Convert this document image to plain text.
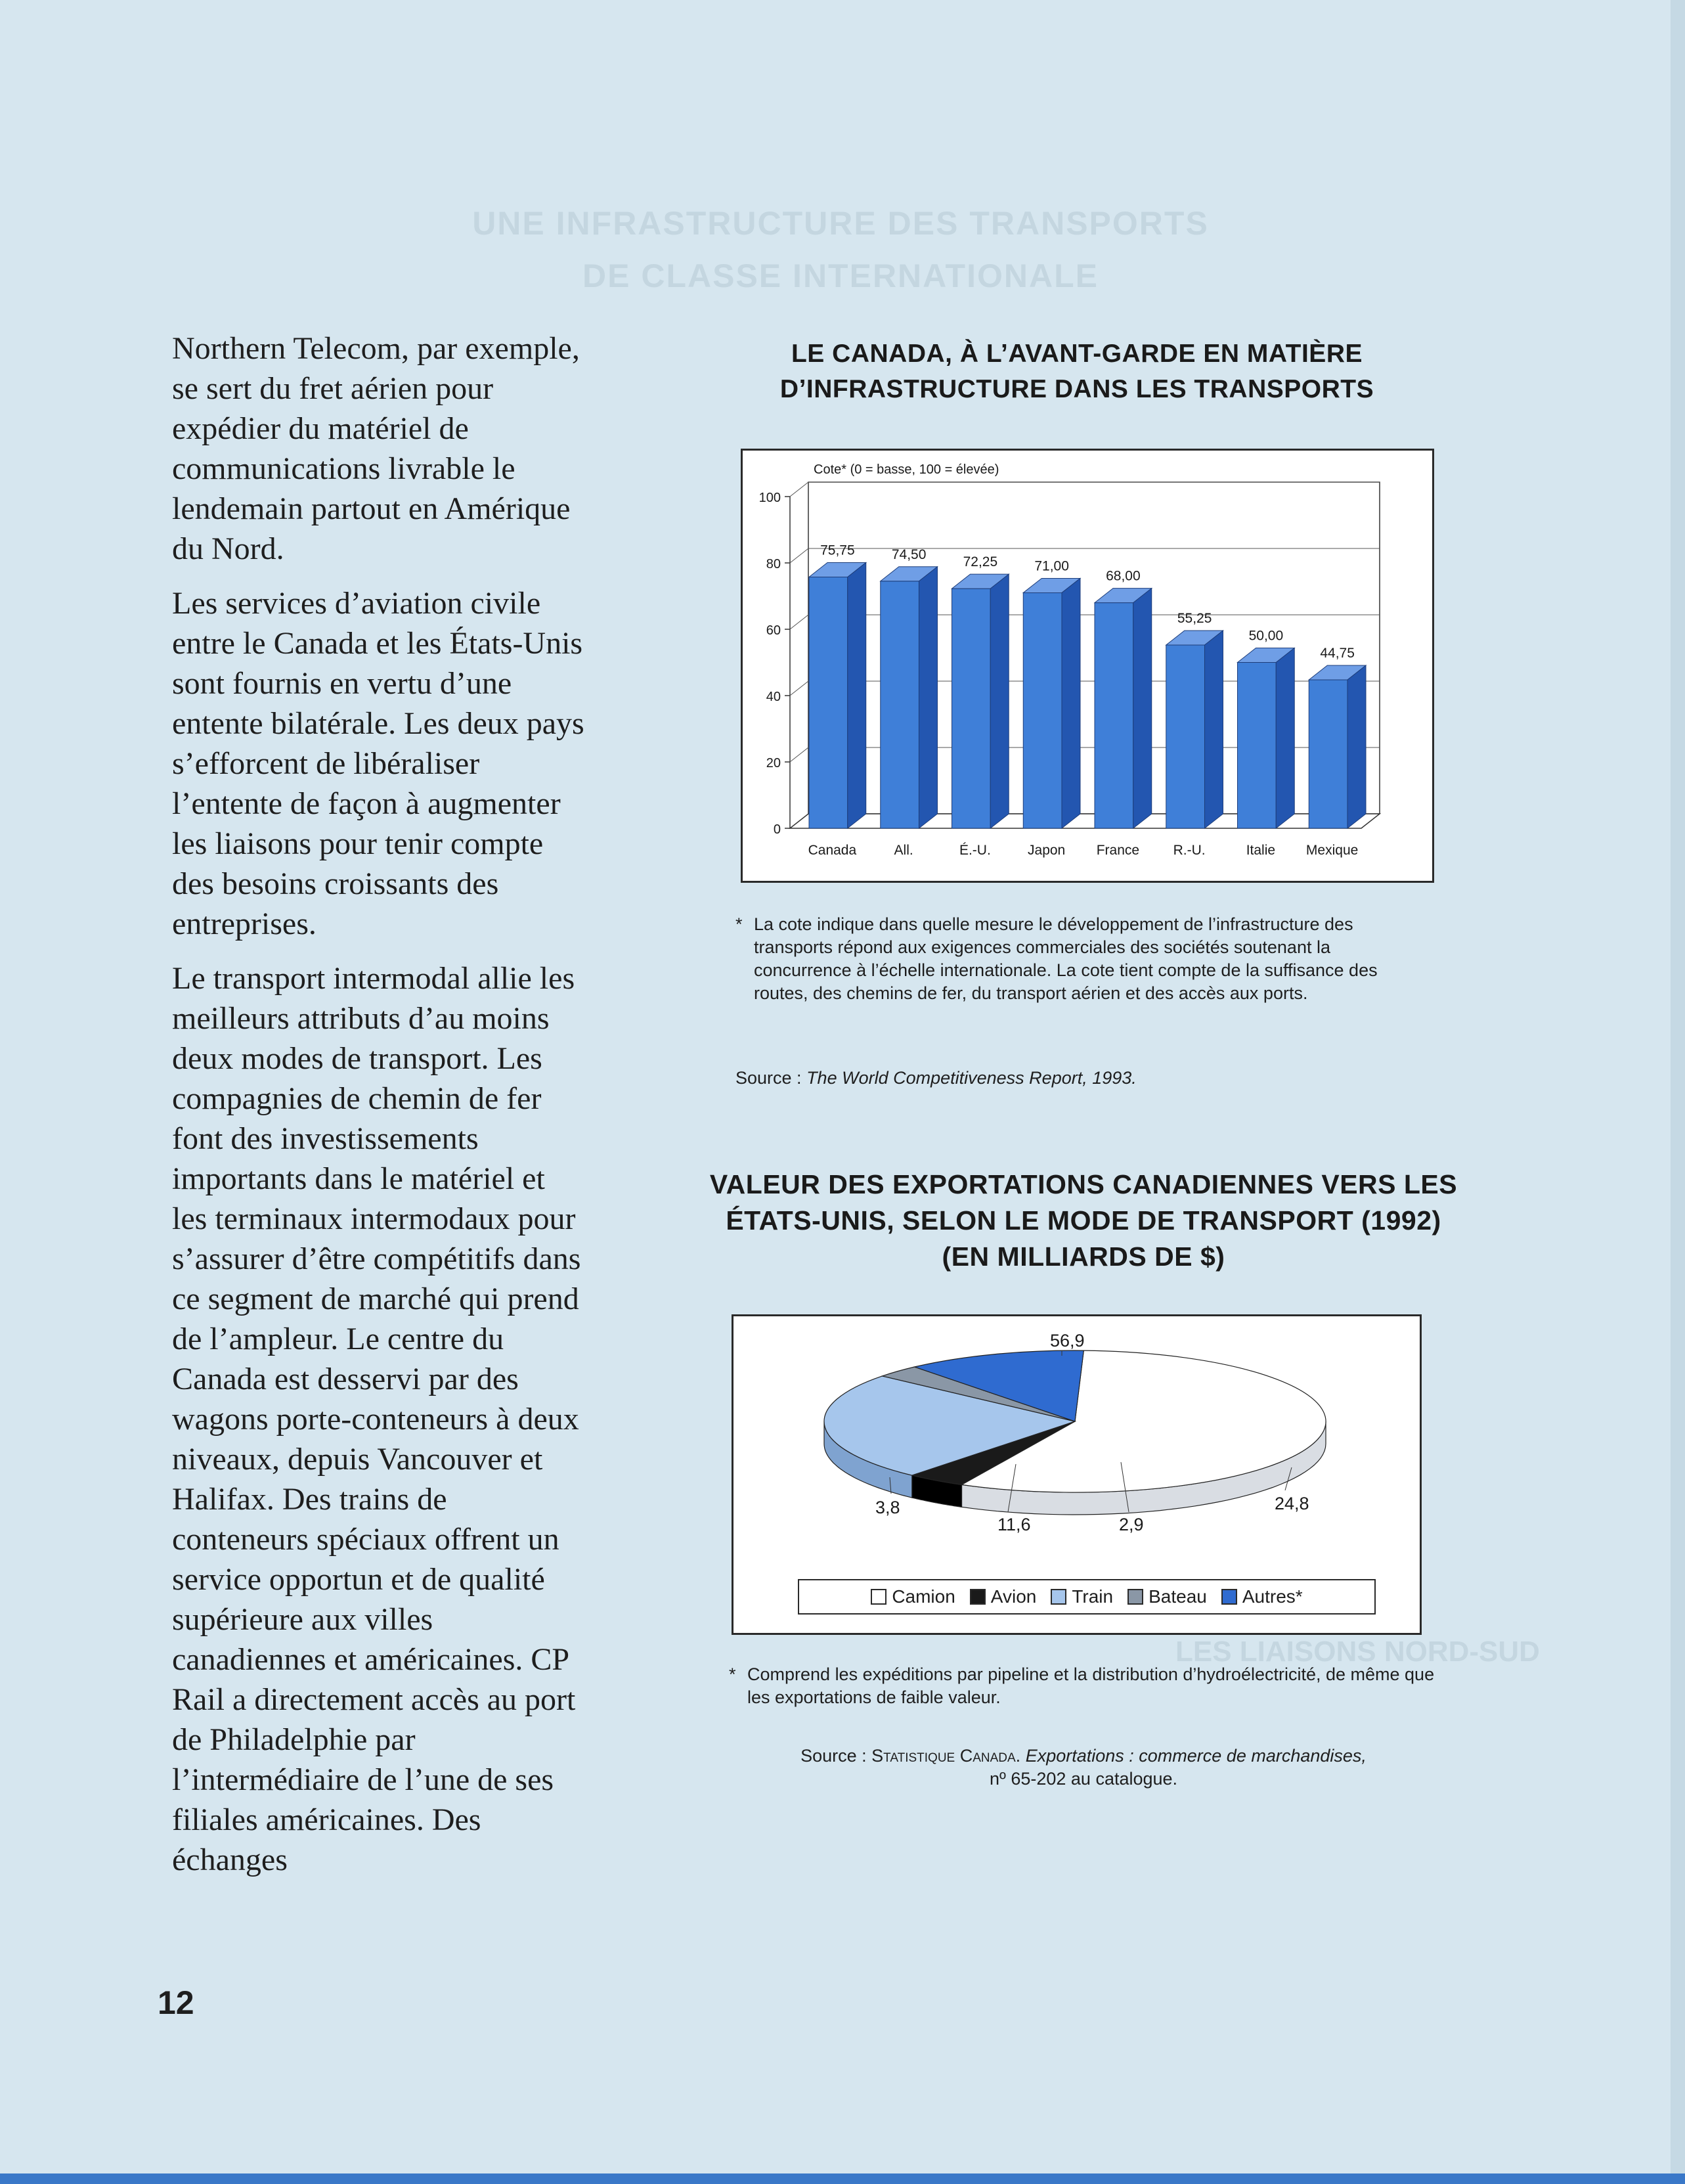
UNE INFRASTRUCTURE DES TRANSPORTS DE CLASSE INTERNATIONALE
LES LIAISONS NORD-SUD

Northern Telecom, par exemple, se sert du fret aérien pour expédier du matériel de communications livrable le lendemain partout en Amérique du Nord.

Les services d’aviation civile entre le Canada et les États-Unis sont fournis en vertu d’une entente bilatérale. Les deux pays s’efforcent de libéraliser l’entente de façon à augmenter les liaisons pour tenir compte des besoins croissants des entreprises.

Le transport intermodal allie les meilleurs attributs d’au moins deux modes de transport. Les compagnies de chemin de fer font des investissements importants dans le matériel et les terminaux intermodaux pour s’assurer d’être compétitifs dans ce segment de marché qui prend de l’ampleur. Le centre du Canada est desservi par des wagons porte-conteneurs à deux niveaux, depuis Vancouver et Halifax. Des trains de conteneurs spéciaux offrent un service opportun et de qualité supérieure aux villes canadiennes et américaines. CP Rail a directement accès au port de Philadelphie par l’intermédiaire de l’une de ses filiales américaines. Des échanges

12
LE CANADA, À L’AVANT-GARDE EN MATIÈRE
D’INFRASTRUCTURE DANS LES TRANSPORTS
0
20
40
60
80
100
Cote* (0 = basse, 100 = élevée)
75,75
Canada
74,50
All.
72,25
É.-U.
71,00
Japon
68,00
France
55,25
R.-U.
50,00
Italie
44,75
Mexique
* La cote indique dans quelle mesure le développement de l’infrastructure des transports répond aux exigences commerciales des sociétés soutenant la concurrence à l’échelle internationale. La cote tient compte de la suffisance des routes, des chemins de fer, du transport aérien et des accès aux ports.
Source : The World Competitiveness Report, 1993.
VALEUR DES EXPORTATIONS CANADIENNES VERS LES
ÉTATS-UNIS, SELON LE MODE DE TRANSPORT (1992)
(EN MILLIARDS DE $)
56,9
3,8	24,8
2,9
11,6
Camion Avion Train Bateau Autres*
* Comprend les expéditions par pipeline et la distribution d’hydroélectricité, de même que les exportations de faible valeur.
Source : Statistique Canada. Exportations : commerce de marchandises,
nº 65-202 au catalogue.
